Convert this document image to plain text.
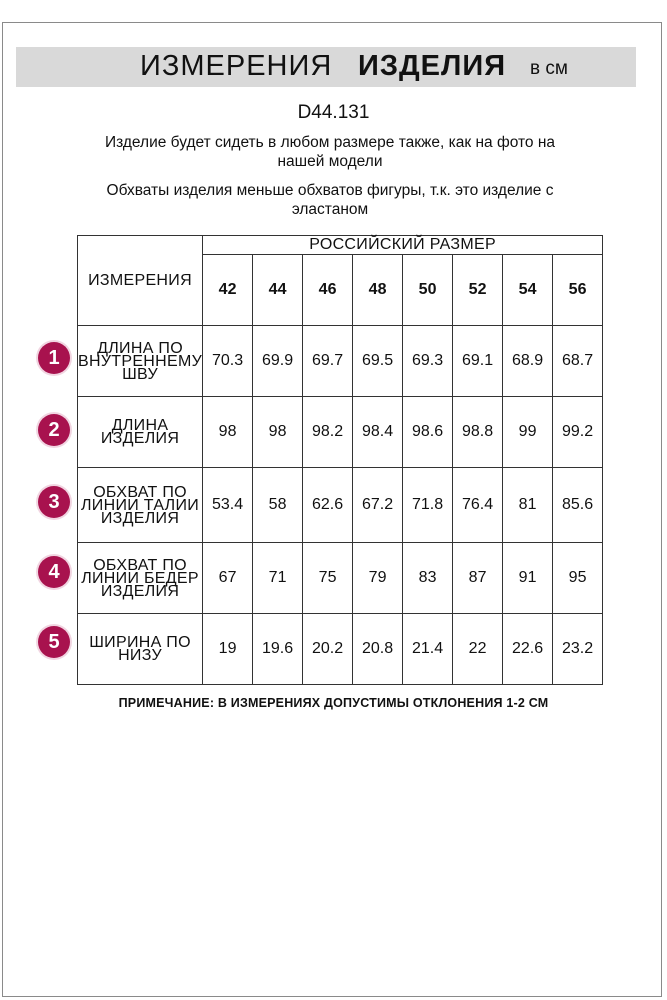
ИЗМЕРЕНИЯ ИЗДЕЛИЯ в см
D44.131
Изделие будет сидеть в любом размере также, как на фото на нашей модели
Обхваты изделия меньше обхватов фигуры, т.к. это изделие с эластаном
ИЗМЕРЕНИЯ	РОССИЙСКИЙ РАЗМЕР							
	42	44	46	48	50	52	54	56
ДЛИНА ПО ВНУТРЕННЕМУ ШВУ	70.3	69.9	69.7	69.5	69.3	69.1	68.9	68.7
ДЛИНА ИЗДЕЛИЯ	98	98	98.2	98.4	98.6	98.8	99	99.2
ОБХВАТ ПО ЛИНИИ ТАЛИИ ИЗДЕЛИЯ	53.4	58	62.6	67.2	71.8	76.4	81	85.6
ОБХВАТ ПО ЛИНИИ БЕДЕР ИЗДЕЛИЯ	67	71	75	79	83	87	91	95
ШИРИНА ПО НИЗУ	19	19.6	20.2	20.8	21.4	22	22.6	23.2
1
2
3
4
5
ПРИМЕЧАНИЕ: В ИЗМЕРЕНИЯХ ДОПУСТИМЫ ОТКЛОНЕНИЯ 1-2 СМ
